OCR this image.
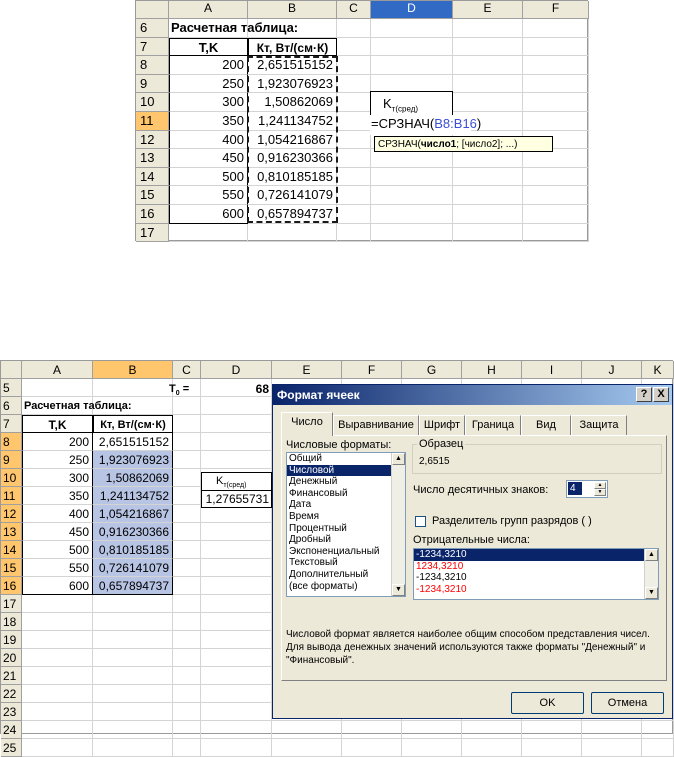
A	B	C	D	E	F
6	Расчетная таблица:
7	T,K	Кт, Вт/(см·К)
8	200	2,651515152
9	250	1,923076923
10	300	1,50862069
11	350	1,241134752
12	400	1,054216867
13	450	0,916230366
14	500	0,810185185
15	550	0,726141079
16	600	0,657894737
17
$K_{т(сред)}$
=СРЗНАЧ(B8:B16)
СРЗНАЧ(число1; [число2]; ...)
A	B	C	D	E	F	G	H	I	J	K
5
6	Расчетная таблица:
7	T,K	Кт, Вт/(см·К)
8	200 2,651515152
9	250 1,923076923
10	300	1,50862069
11	350 1,241134752
12	400 1,054216867
13	450 0,916230366
14	500 0,810185185
15	550 0,726141079
16	600 0,657894737
17
18
19
20
21
22
23
24
25
$T_0$ =	68
$K_{т(сред)}$
1,27655731
Формат ячеек	? X
Число	Выравнивание Шрифт	Граница	Вид	Защита
Числовые форматы:
Общий
Числовой
Денежный
Финансовый
Дата
Время
Процентный
Дробный
Экспоненциальный
Текстовый
Дополнительный
(все форматы)
▲
▼
Образец
2,6515
Число десятичных знаков: 4	▲
▼
Разделитель групп разрядов ( )
Отрицательные числа:
-1234,3210
1234,3210
-1234,3210
-1234,3210
▲
▼
Числовой формат является наиболее общим способом представления чисел. Для вывода денежных значений используются также форматы "Денежный" и "Финансовый".
OK	Отмена
